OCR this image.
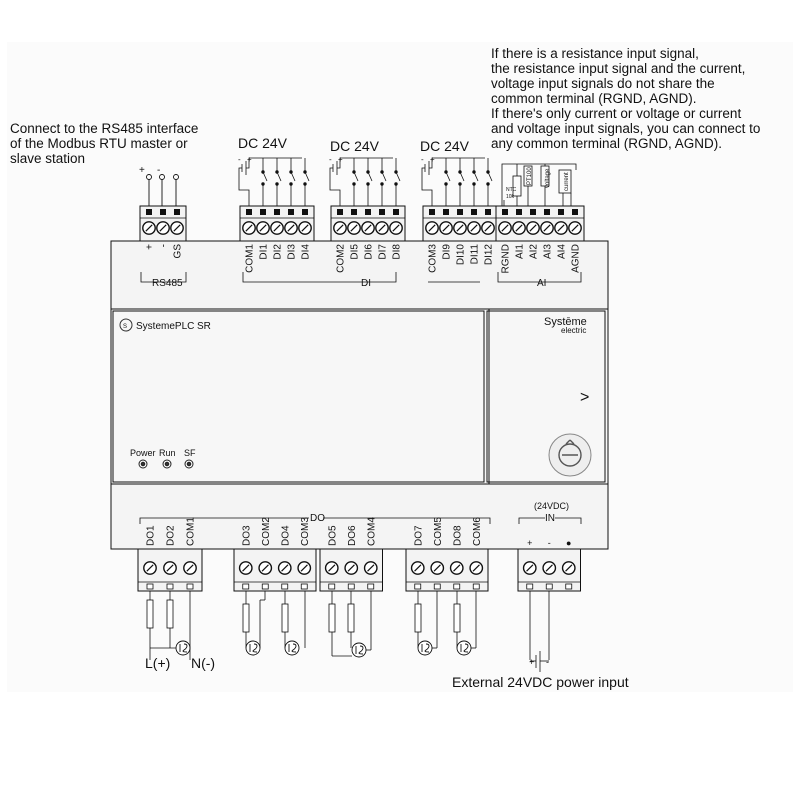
RS485	DI	AI
+ - GS	COM1 DI1 DI2 DI3 DI4 COM2 DI5 DI6 DI7 DI8	COM3 DI9 DI10 DI11 DI12 RGND AI1 AI2 AI3 AI4 AGND
DO1 DO2 COM1	DO3 COM2 DO4 COM3 DO5 DO6 COM4	DO7 COM5 DO8 COM6	+ - ●
+ -
- +	- +	- +
DC 24V	DC 24V	DC 24V
NTC
10k
PT100 voltage current
S SystemePLC SR	Systēme
electric
>
Power Run SF
DO
(24VDC)
IN
L(+) N(-)	+ -
Connect to the RS485 interface
of the Modbus RTU master or
slave station
If there is a resistance input signal,
the resistance input signal and the current,
voltage input signals do not share the
common terminal (RGND, AGND).
If there's only current or voltage or current
and voltage input signals, you can connect to
any common terminal (RGND, AGND).
External 24VDC power input
